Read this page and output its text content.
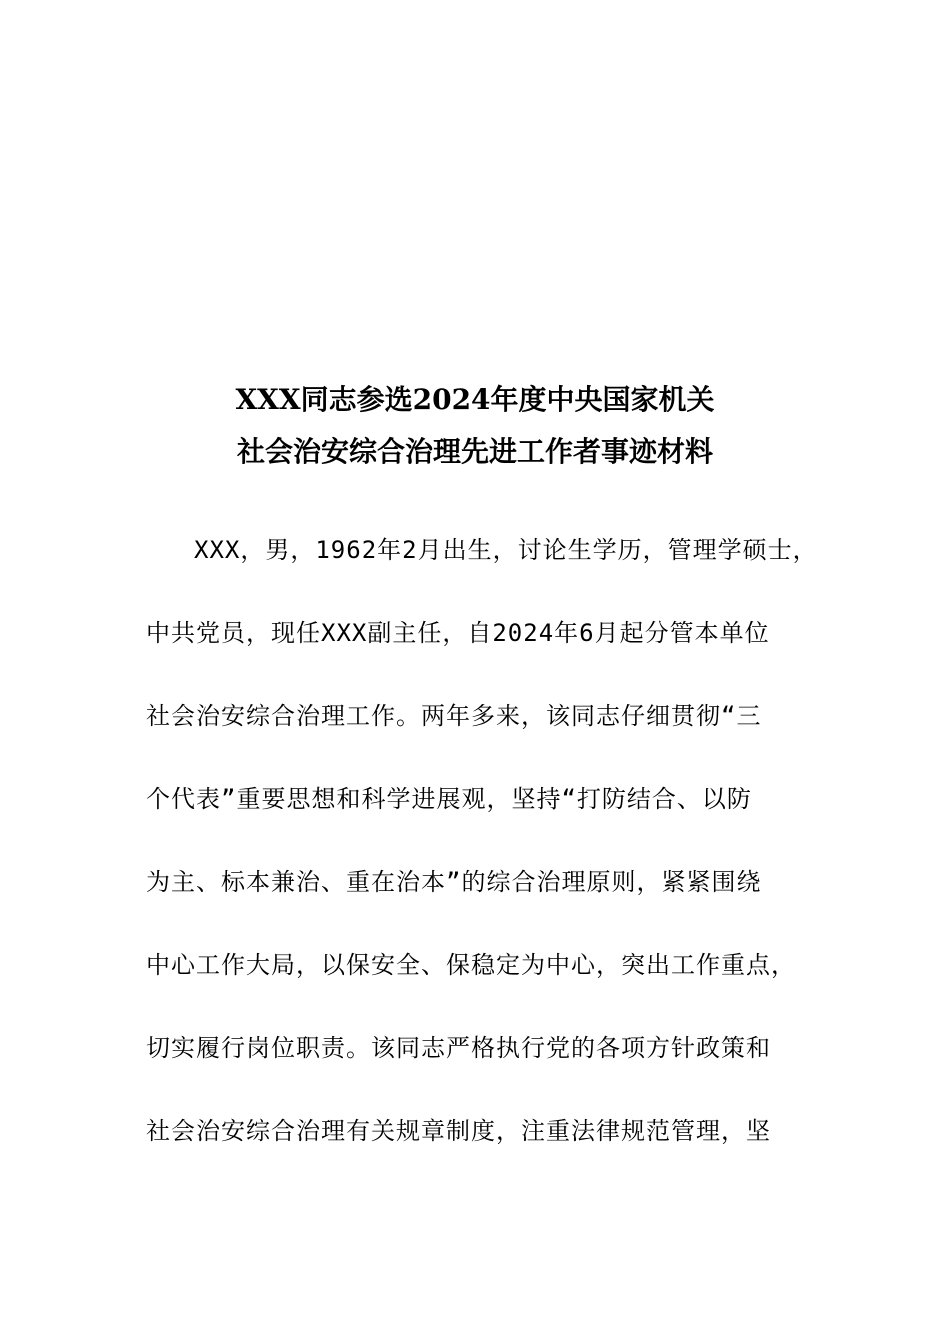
XXX同志参选2024年度中央国家机关
社会治安综合治理先进工作者事迹材料
XXX，男，1962年2月出生，讨论生学历，管理学硕士，
中共党员，现任XXX副主任，自2024年6月起分管本单位
社会治安综合治理工作。两年多来，该同志仔细贯彻“三
个代表”重要思想和科学进展观，坚持“打防结合、以防
为主、标本兼治、重在治本”的综合治理原则，紧紧围绕
中心工作大局，以保安全、保稳定为中心，突出工作重点，
切实履行岗位职责。该同志严格执行党的各项方针政策和
社会治安综合治理有关规章制度，注重法律规范管理，坚
